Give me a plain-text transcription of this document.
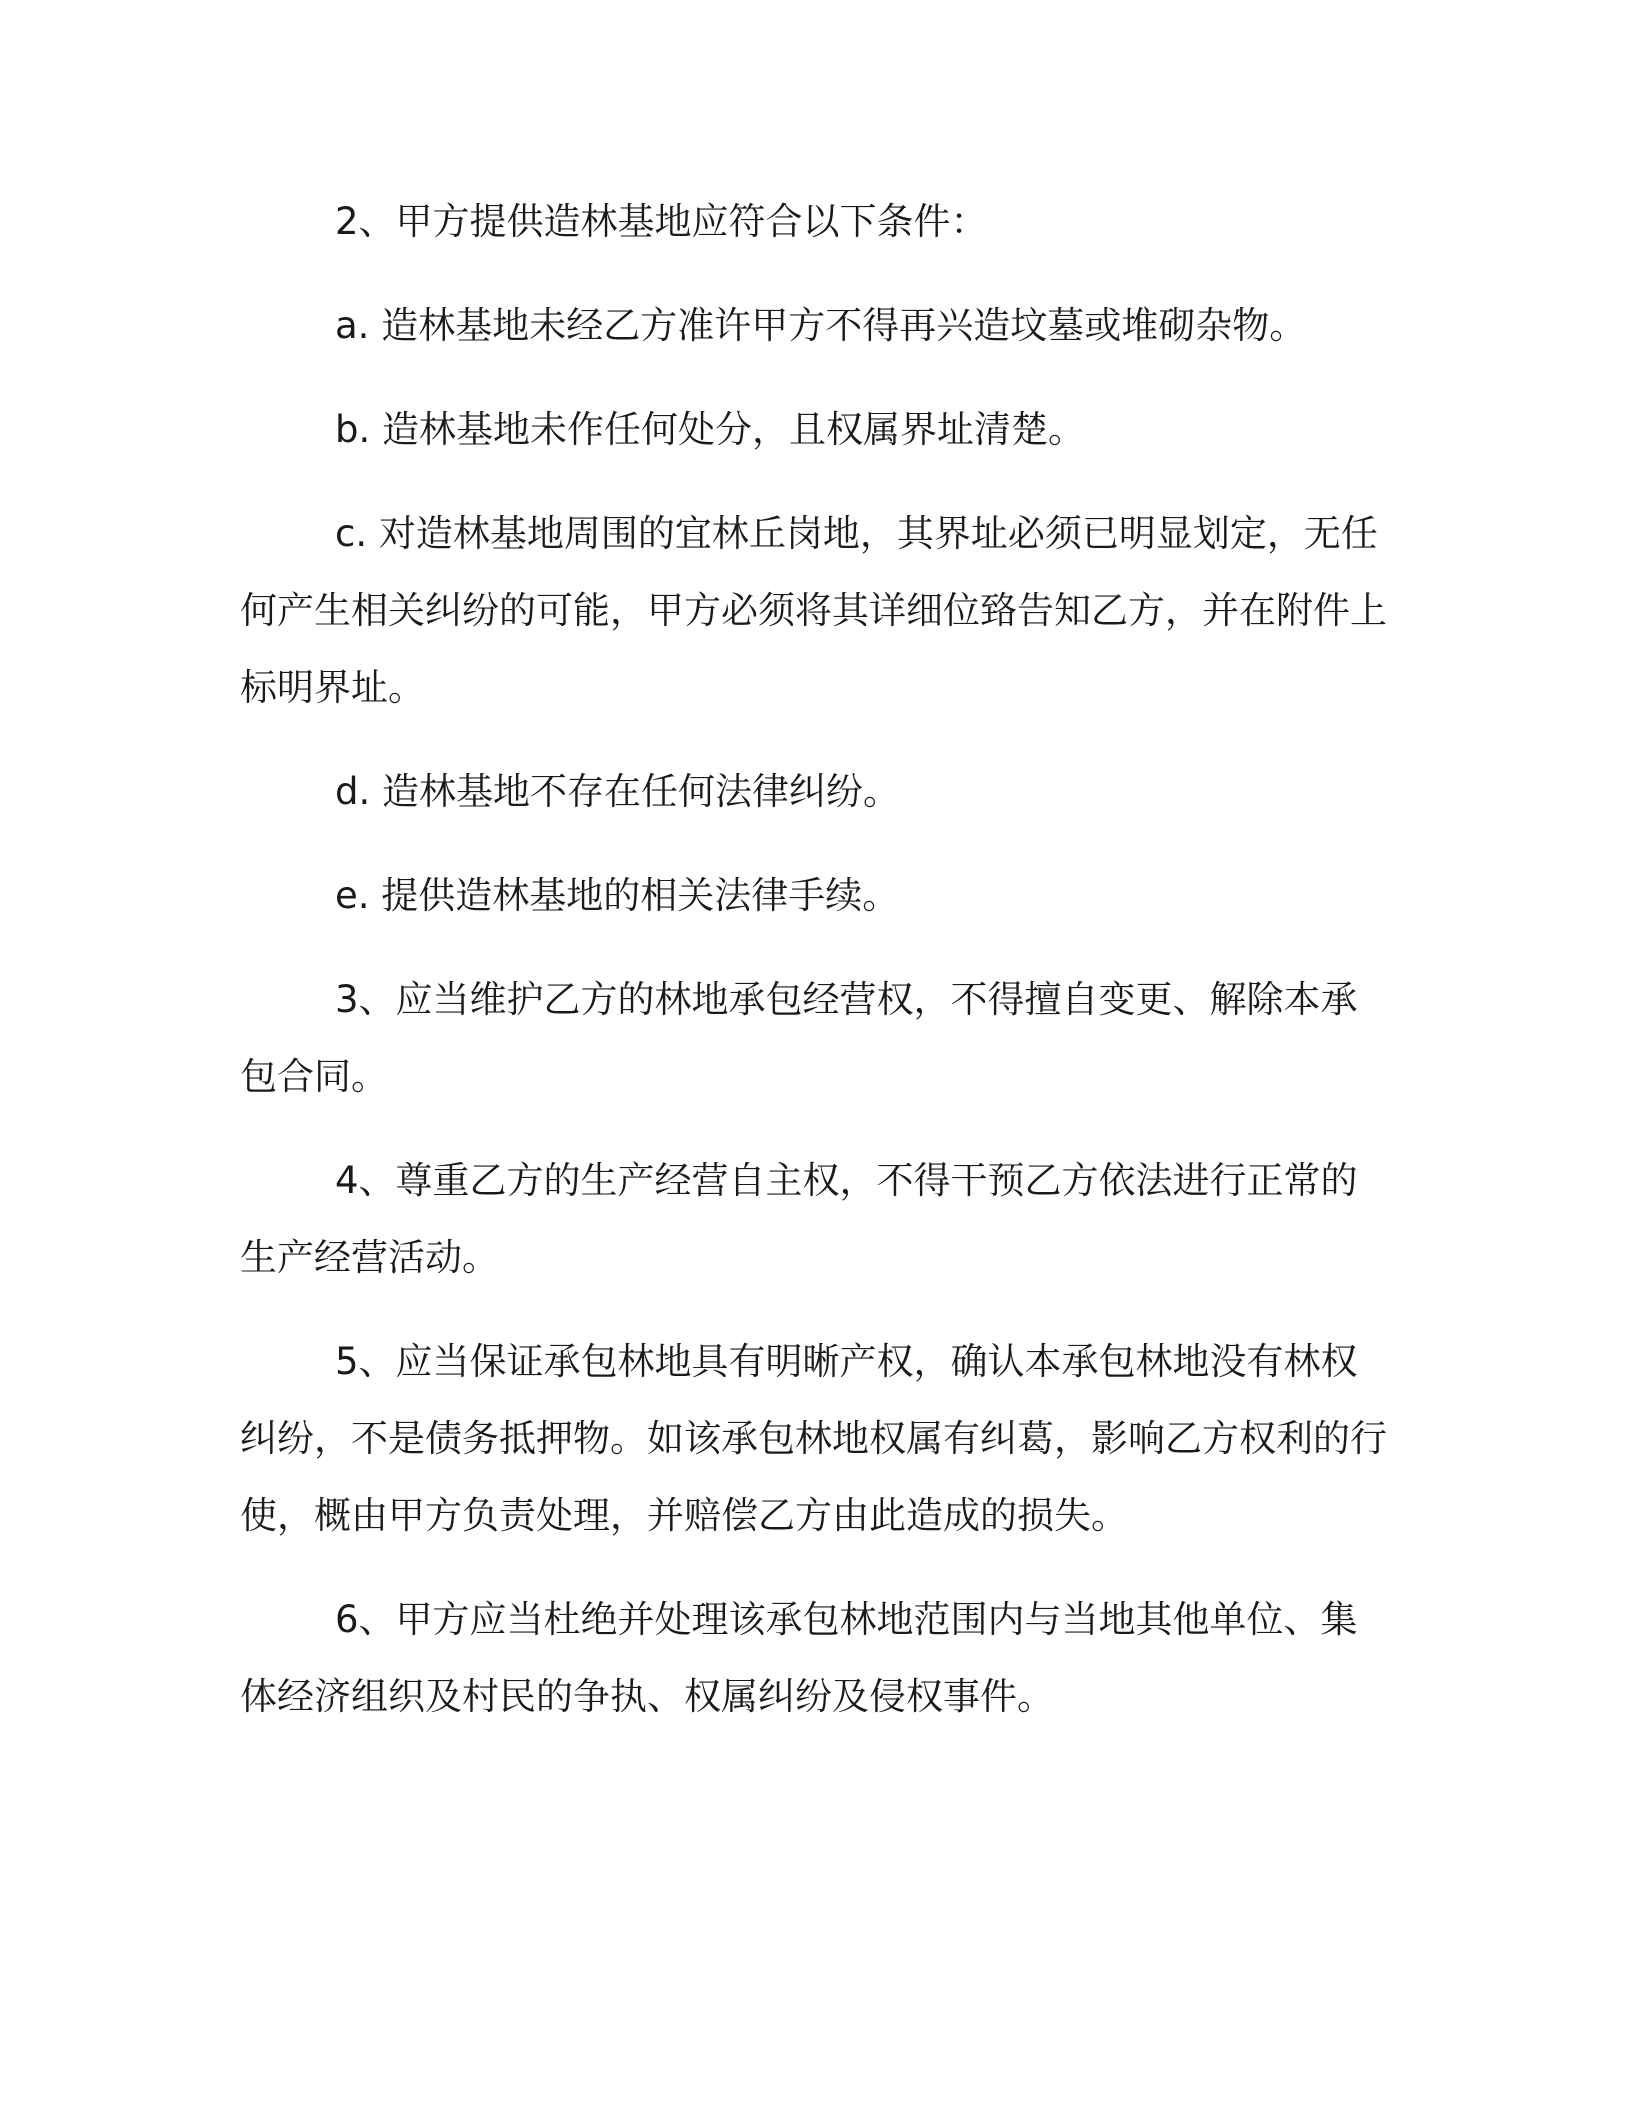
2、甲方提供造林基地应符合以下条件：

a. 造林基地未经乙方准许甲方不得再兴造坟墓或堆砌杂物。

b. 造林基地未作任何处分，且权属界址清楚。

c. 对造林基地周围的宜林丘岗地，其界址必须已明显划定，无任何产生相关纠纷的可能，甲方必须将其详细位臵告知乙方，并在附件上标明界址。

d. 造林基地不存在任何法律纠纷。

e. 提供造林基地的相关法律手续。

3、应当维护乙方的林地承包经营权，不得擅自变更、解除本承包合同。

4、尊重乙方的生产经营自主权，不得干预乙方依法进行正常的生产经营活动。

5、应当保证承包林地具有明晰产权，确认本承包林地没有林权纠纷，不是债务抵押物。如该承包林地权属有纠葛，影响乙方权利的行使，概由甲方负责处理，并赔偿乙方由此造成的损失。

6、甲方应当杜绝并处理该承包林地范围内与当地其他单位、集体经济组织及村民的争执、权属纠纷及侵权事件。
